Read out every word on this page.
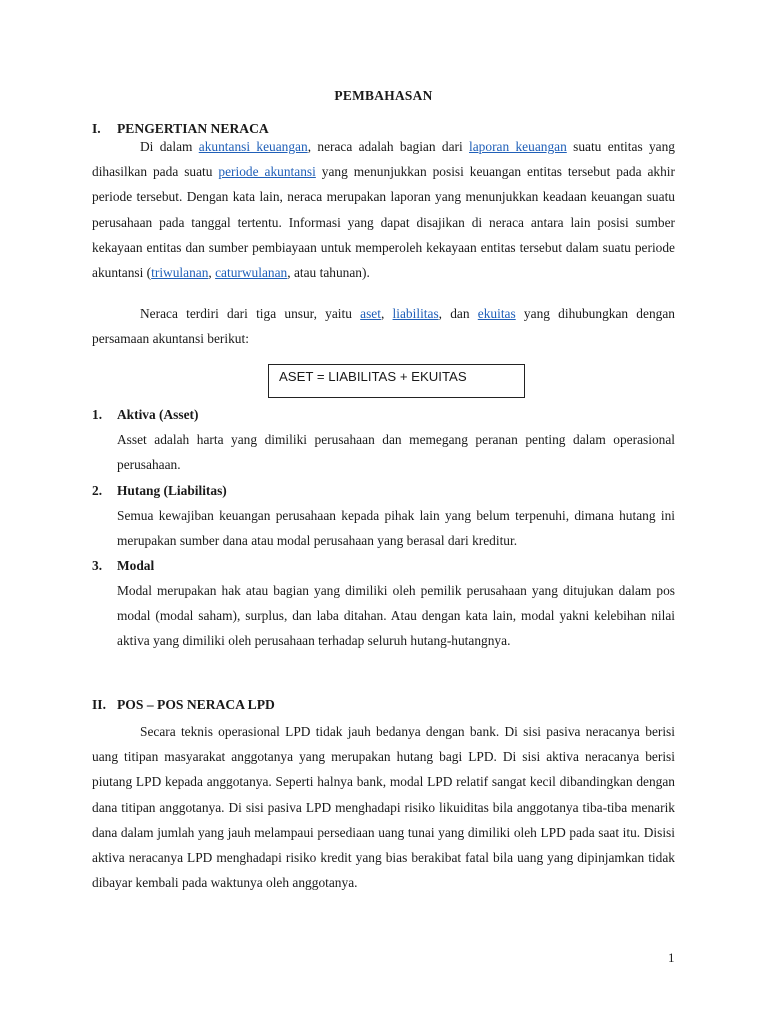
PEMBAHASAN
I. PENGERTIAN NERACA
Di dalam akuntansi keuangan, neraca adalah bagian dari laporan keuangan suatu entitas yang dihasilkan pada suatu periode akuntansi yang menunjukkan posisi keuangan entitas tersebut pada akhir periode tersebut. Dengan kata lain, neraca merupakan laporan yang menunjukkan keadaan keuangan suatu perusahaan pada tanggal tertentu. Informasi yang dapat disajikan di neraca antara lain posisi sumber kekayaan entitas dan sumber pembiayaan untuk memperoleh kekayaan entitas tersebut dalam suatu periode akuntansi (triwulanan, caturwulanan, atau tahunan).
Neraca terdiri dari tiga unsur, yaitu aset, liabilitas, dan ekuitas yang dihubungkan dengan persamaan akuntansi berikut:
ASET = LIABILITAS + EKUITAS
1. Aktiva (Asset)
Asset adalah harta yang dimiliki perusahaan dan memegang peranan penting dalam operasional perusahaan.
2. Hutang (Liabilitas)
Semua kewajiban keuangan perusahaan kepada pihak lain yang belum terpenuhi, dimana hutang ini merupakan sumber dana atau modal perusahaan yang berasal dari kreditur.
3. Modal
Modal merupakan hak atau bagian yang dimiliki oleh pemilik perusahaan yang ditujukan dalam pos modal (modal saham), surplus, dan laba ditahan. Atau dengan kata lain, modal yakni kelebihan nilai aktiva yang dimiliki oleh perusahaan terhadap seluruh hutang-hutangnya.
II. POS – POS NERACA LPD
Secara teknis operasional LPD tidak jauh bedanya dengan bank. Di sisi pasiva neracanya berisi uang titipan masyarakat anggotanya yang merupakan hutang bagi LPD. Di sisi aktiva neracanya berisi piutang LPD kepada anggotanya. Seperti halnya bank, modal LPD relatif sangat kecil dibandingkan dengan dana titipan anggotanya. Di sisi pasiva LPD menghadapi risiko likuiditas bila anggotanya tiba-tiba menarik dana dalam jumlah yang jauh melampaui persediaan uang tunai yang dimiliki oleh LPD pada saat itu. Disisi aktiva neracanya LPD menghadapi risiko kredit yang bias berakibat fatal bila uang yang dipinjamkan tidak dibayar kembali pada waktunya oleh anggotanya.
1
